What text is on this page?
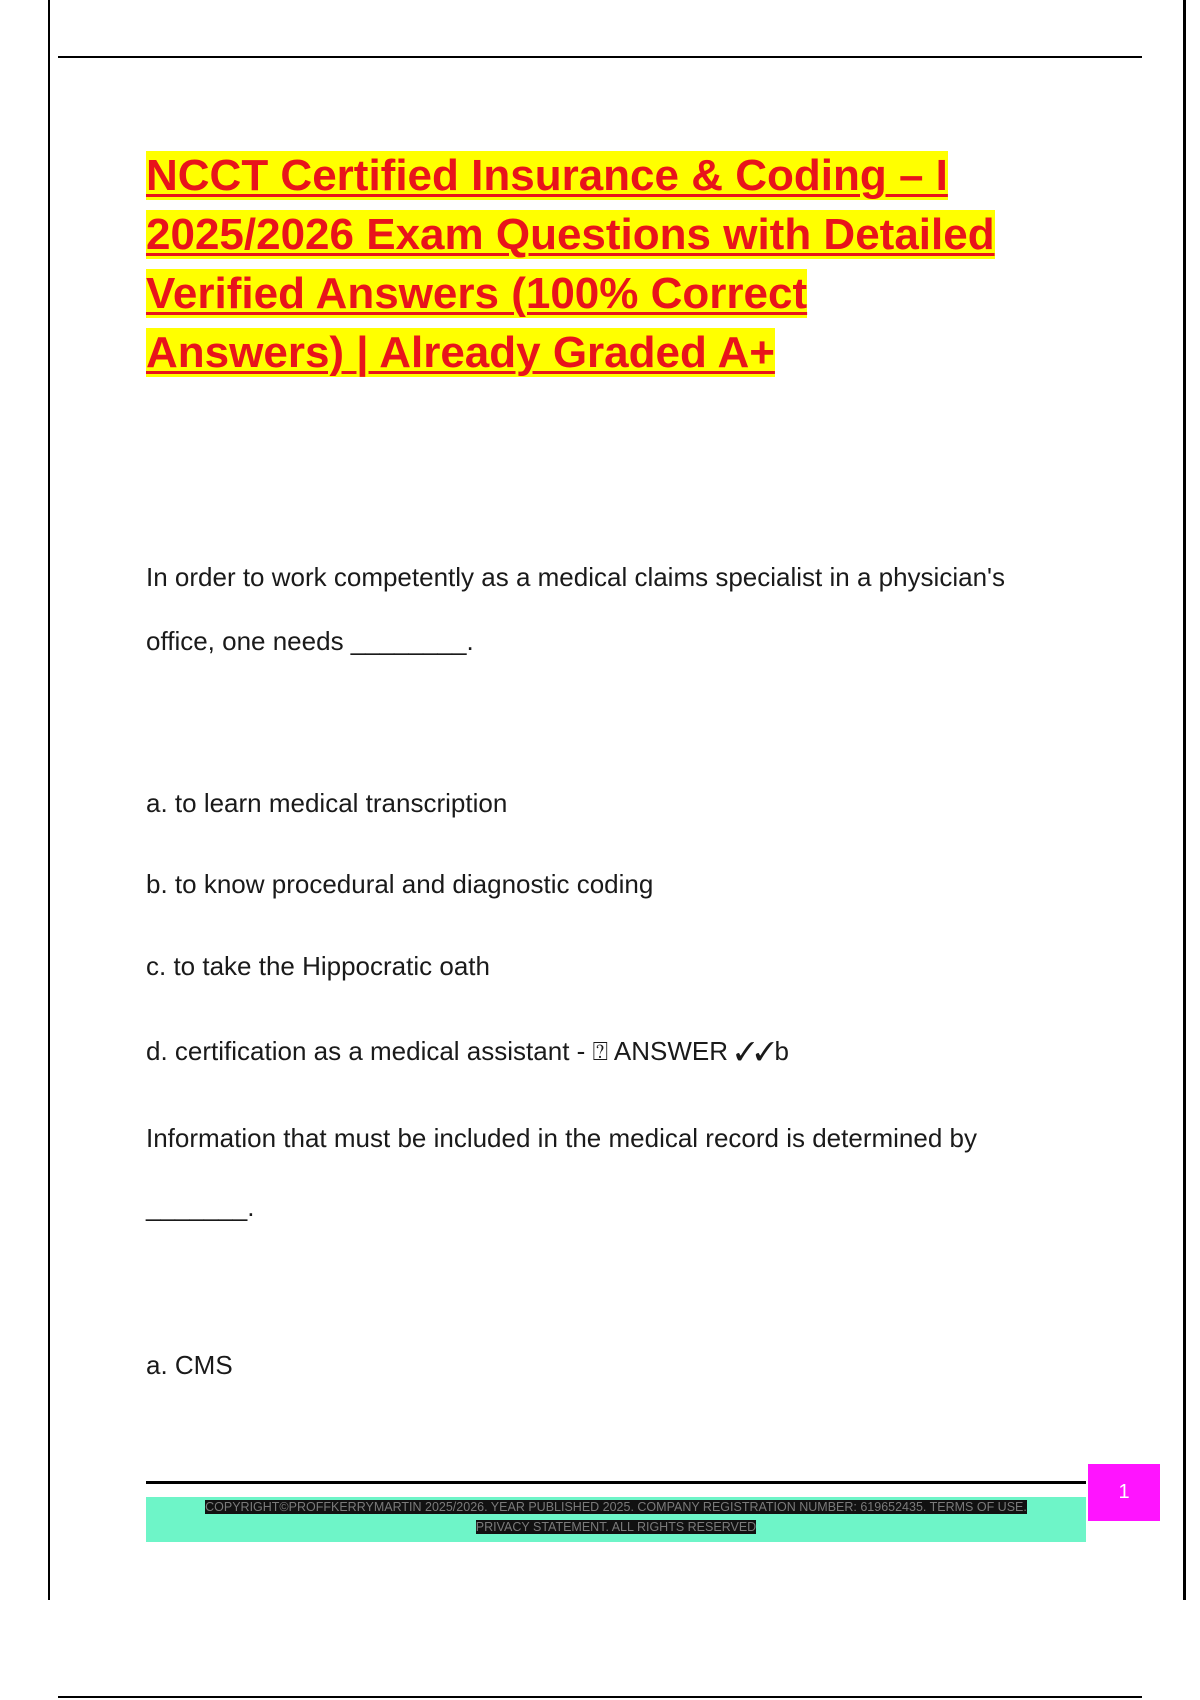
NCCT Certified Insurance & Coding – I
2025/2026 Exam Questions with Detailed
Verified Answers (100% Correct
Answers) | Already Graded A+
In order to work competently as a medical claims specialist in a physician's
office, one needs ________.
a. to learn medical transcription
b. to know procedural and diagnostic coding
c. to take the Hippocratic oath
d. certification as a medical assistant - ⍰ ANSWER ✓✓b
Information that must be included in the medical record is determined by
_______.
a. CMS
COPYRIGHT©PROFFKERRYMARTIN 2025/2026. YEAR PUBLISHED 2025. COMPANY REGISTRATION NUMBER: 619652435. TERMS OF USE.
PRIVACY STATEMENT. ALL RIGHTS RESERVED
1
